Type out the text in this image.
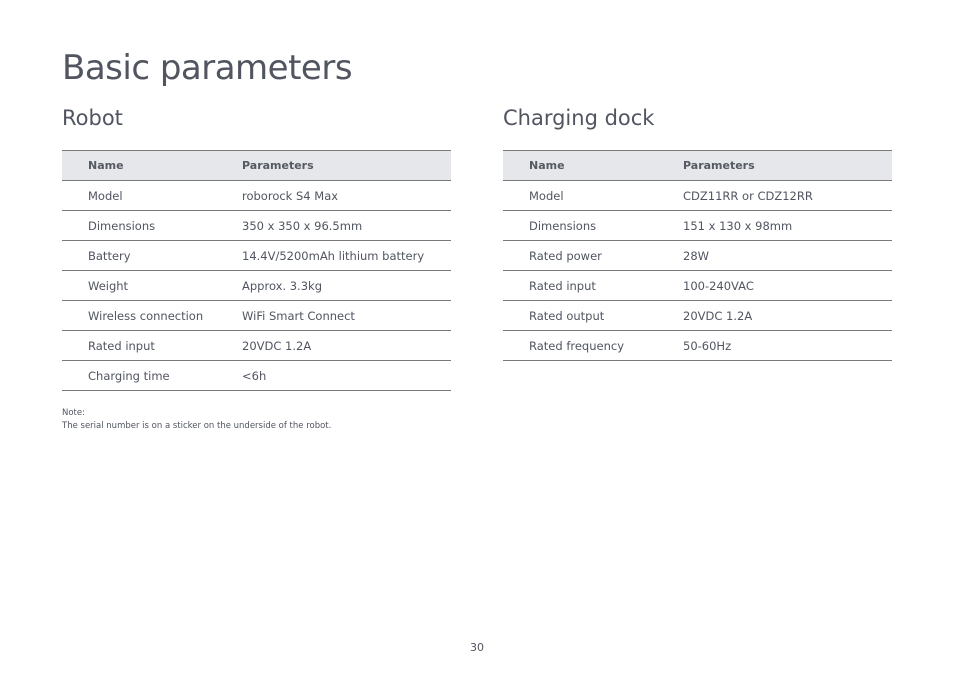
Basic parameters
Robot
Name	Parameters
Model	roborock S4 Max
Dimensions	350 x 350 x 96.5mm
Battery	14.4V/5200mAh lithium battery
Weight	Approx. 3.3kg
Wireless connection	WiFi Smart Connect
Rated input	20VDC 1.2A
Charging time	<6h
Charging dock
Name	Parameters
Model	CDZ11RR or CDZ12RR
Dimensions	151 x 130 x 98mm
Rated power	28W
Rated input	100-240VAC
Rated output	20VDC 1.2A
Rated frequency	50-60Hz
Note:
The serial number is on a sticker on the underside of the robot.
30
